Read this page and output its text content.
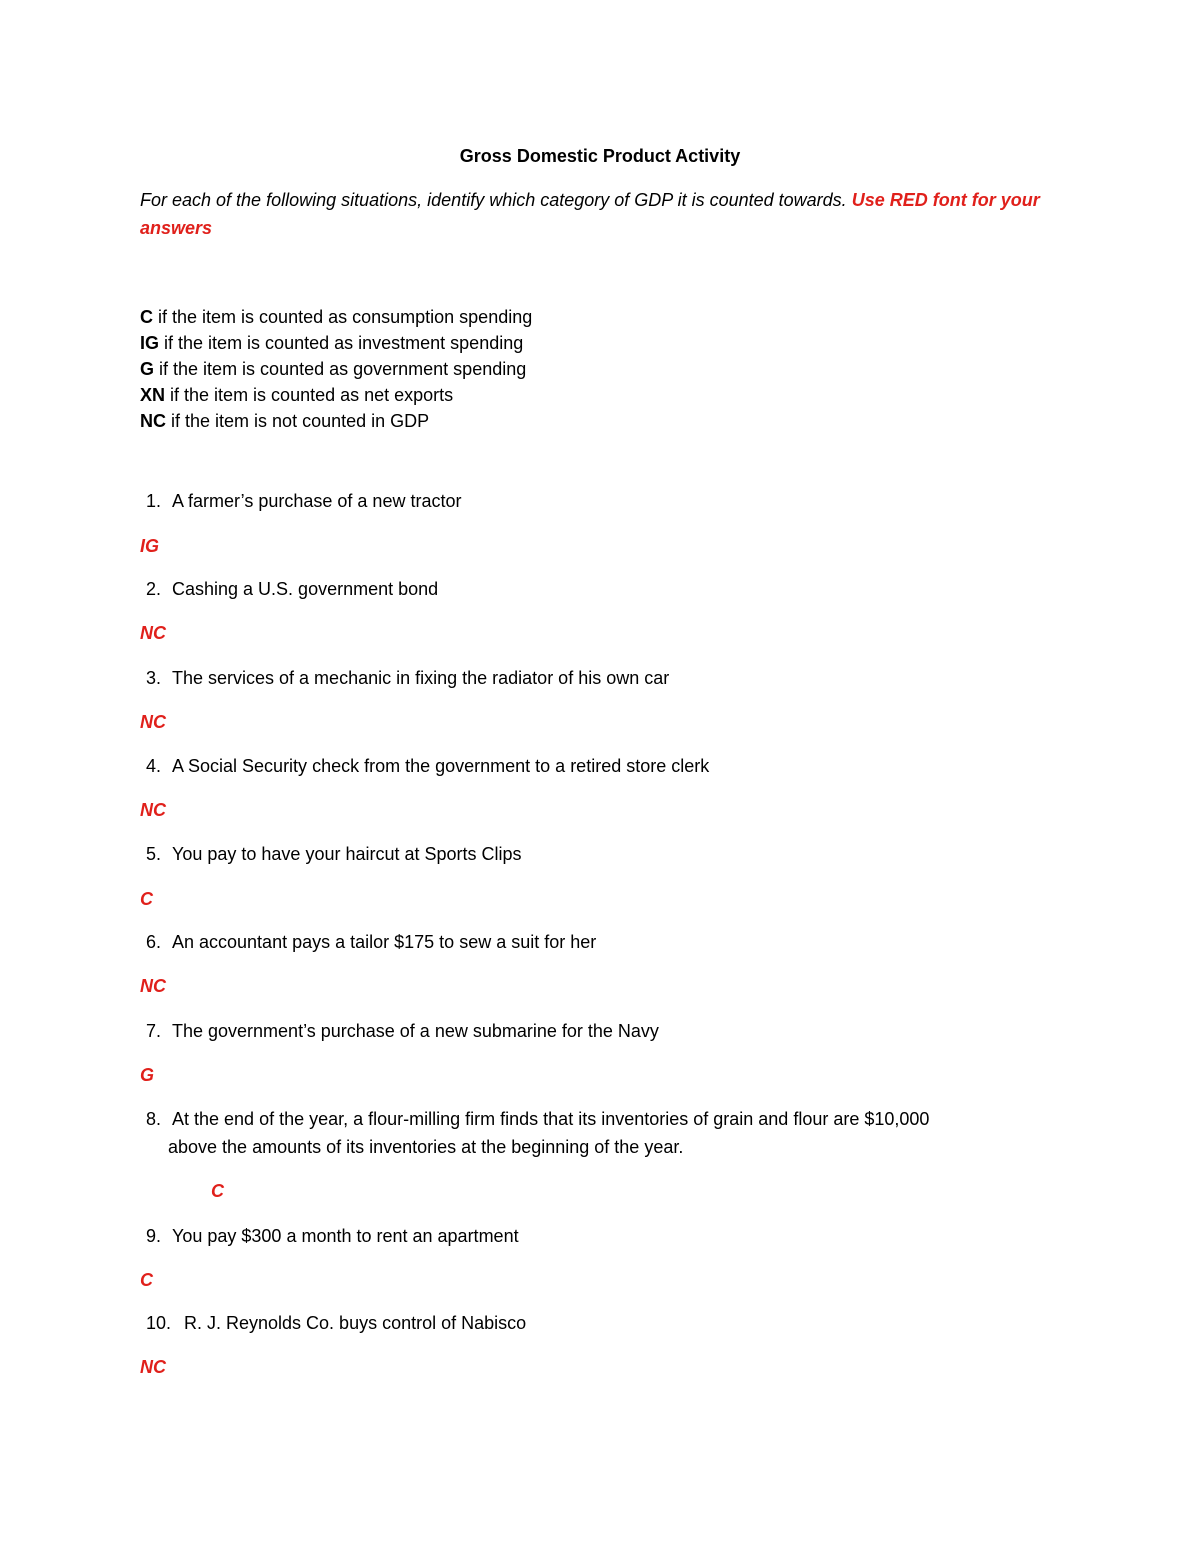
Gross Domestic Product Activity
For each of the following situations, identify which category of GDP it is counted towards. Use RED font for your answers
C if the item is counted as consumption spending
IG if the item is counted as investment spending
G if the item is counted as government spending
XN if the item is counted as net exports
NC if the item is not counted in GDP
1. A farmer’s purchase of a new tractor
IG
2. Cashing a U.S. government bond
NC
3. The services of a mechanic in fixing the radiator of his own car
NC
4. A Social Security check from the government to a retired store clerk
NC
5. You pay to have your haircut at Sports Clips
C
6. An accountant pays a tailor $175 to sew a suit for her
NC
7. The government’s purchase of a new submarine for the Navy
G
8. At the end of the year, a flour-milling firm finds that its inventories of grain and flour are $10,000
above the amounts of its inventories at the beginning of the year.
C
9. You pay $300 a month to rent an apartment
C
10. R. J. Reynolds Co. buys control of Nabisco
NC
